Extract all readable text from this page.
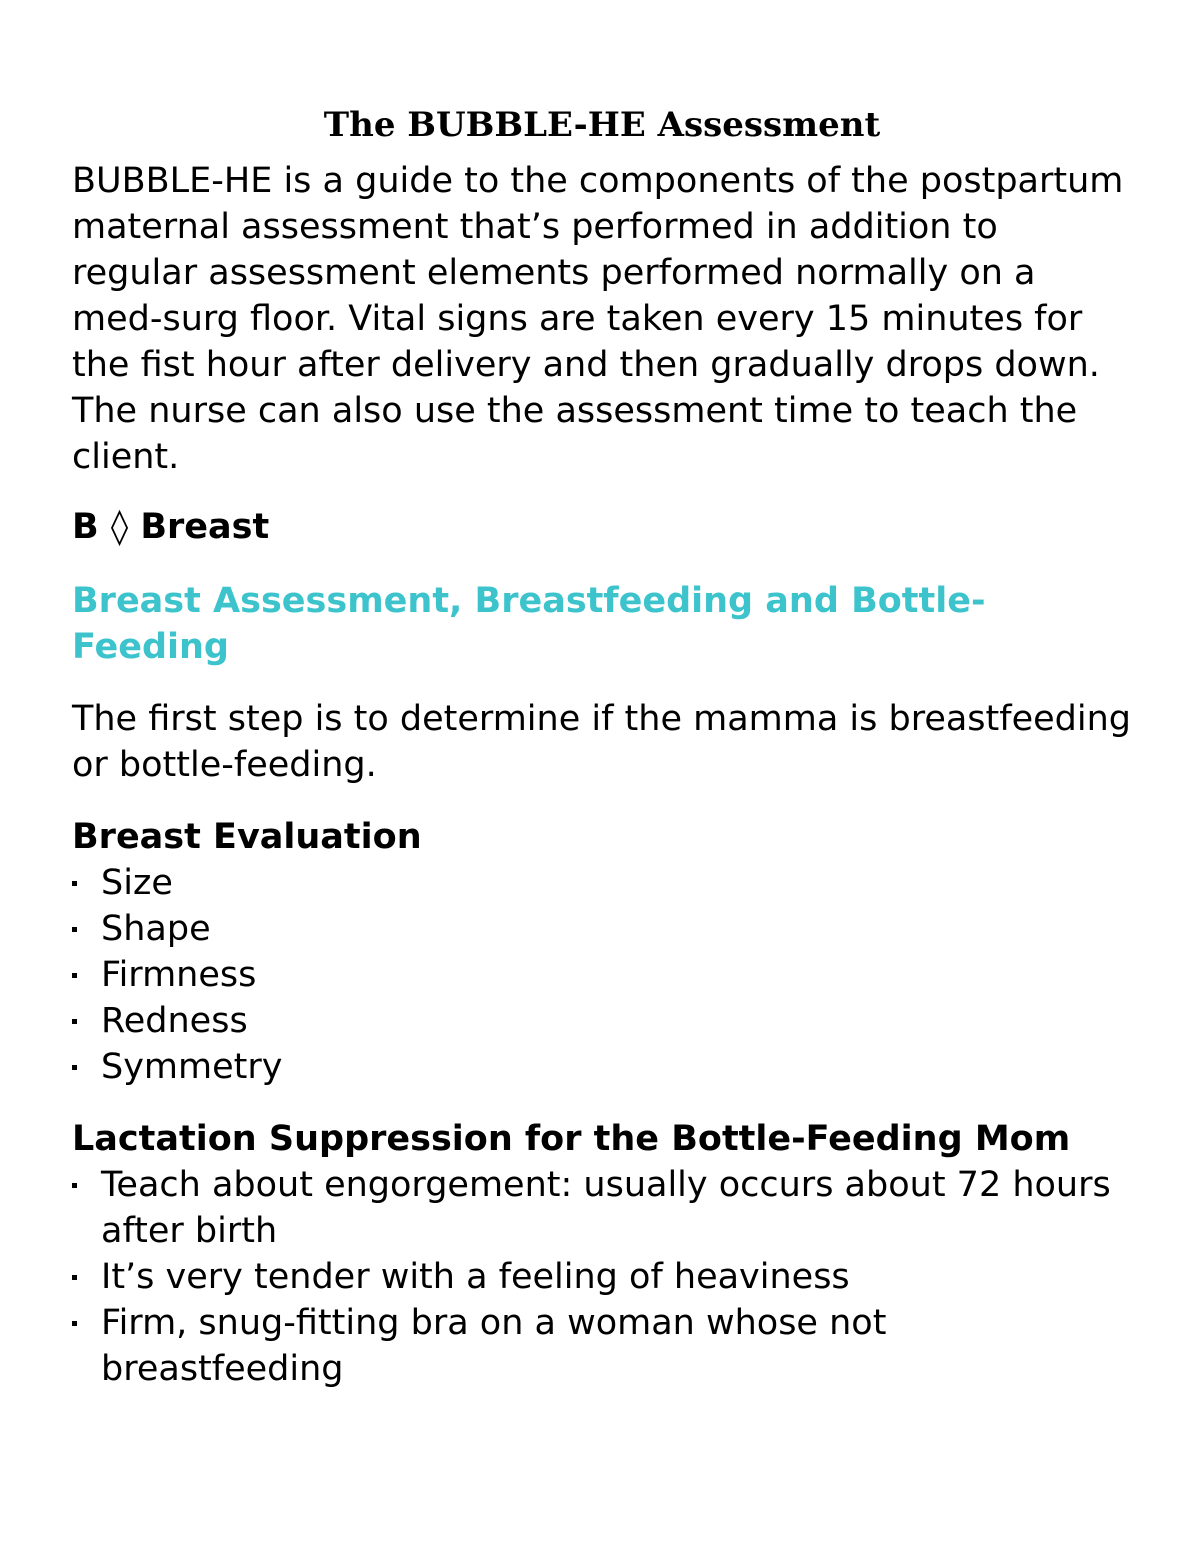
The BUBBLE-HE Assessment

BUBBLE-HE is a guide to the components of the postpartum maternal assessment that’s performed in addition to regular assessment elements performed normally on a med-surg floor. Vital signs are taken every 15 minutes for the fist hour after delivery and then gradually drops down. The nurse can also use the assessment time to teach the client.

B ◊ Breast
Breast Assessment, Breastfeeding and Bottle-Feeding

The first step is to determine if the mamma is breastfeeding or bottle-feeding.

Breast Evaluation
Size
Shape
Firmness
Redness
Symmetry
Lactation Suppression for the Bottle-Feeding Mom
Teach about engorgement: usually occurs about 72 hours after birth
It’s very tender with a feeling of heaviness
Firm, snug-fitting bra on a woman whose not breastfeeding
